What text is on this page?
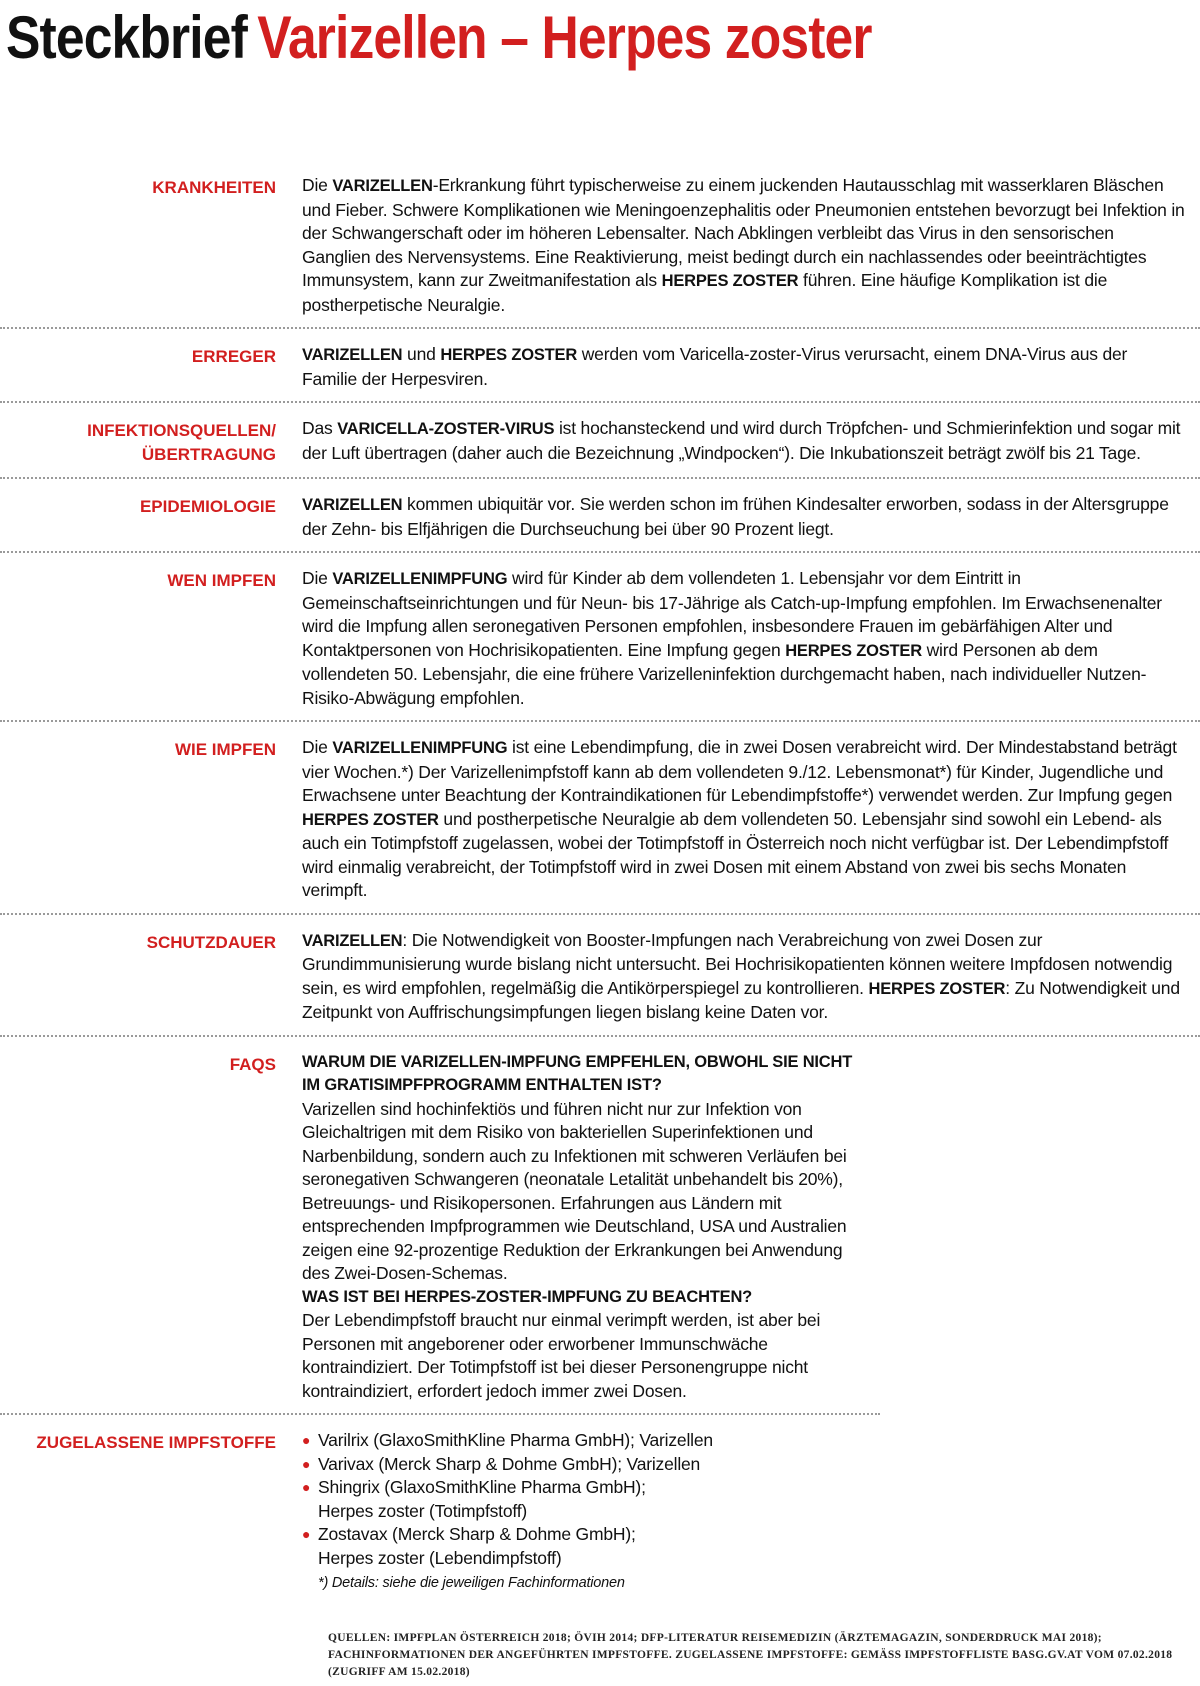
Steckbrief Varizellen – Herpes zoster
KRANKHEITEN	Die VARIZELLEN-Erkrankung führt typischerweise zu einem juckenden Hautausschlag mit wasserklaren Bläschen und Fieber. Schwere Komplikationen wie Meningoenzephalitis oder Pneumonien entstehen bevorzugt bei Infektion in der Schwangerschaft oder im höheren Lebensalter. Nach Abklingen verbleibt das Virus in den sensorischen Ganglien des Nervensystems. Eine Reaktivierung, meist bedingt durch ein nachlassendes oder beeinträchtigtes Immunsystem, kann zur Zweitmanifestation als HERPES ZOSTER führen. Eine häufige Komplikation ist die postherpetische Neuralgie.

ERREGER	VARIZELLEN und HERPES ZOSTER werden vom Varicella-zoster-Virus verursacht, einem DNA-Virus aus der Familie der Herpesviren.

INFEKTIONSQUELLEN/
ÜBERTRAGUNG

Das VARICELLA-ZOSTER-VIRUS ist hochansteckend und wird durch Tröpfchen- und Schmierinfektion und sogar mit der Luft übertragen (daher auch die Bezeichnung „Windpocken“). Die Inkubationszeit beträgt zwölf bis 21 Tage.

EPIDEMIOLOGIE	VARIZELLEN kommen ubiquitär vor. Sie werden schon im frühen Kindesalter erworben, sodass in der Altersgruppe der Zehn- bis Elfjährigen die Durchseuchung bei über 90 Prozent liegt.

WEN IMPFEN	Die VARIZELLENIMPFUNG wird für Kinder ab dem vollendeten 1. Lebensjahr vor dem Eintritt in Gemeinschaftseinrichtungen und für Neun- bis 17-Jährige als Catch-up-Impfung empfohlen. Im Erwachsenenalter wird die Impfung allen seronegativen Personen empfohlen, insbesondere Frauen im gebärfähigen Alter und Kontaktpersonen von Hochrisikopatienten. Eine Impfung gegen HERPES ZOSTER wird Personen ab dem vollendeten 50. Lebensjahr, die eine frühere Varizelleninfektion durchgemacht haben, nach individueller Nutzen-Risiko-Abwägung empfohlen.

WIE IMPFEN	Die VARIZELLENIMPFUNG ist eine Lebendimpfung, die in zwei Dosen verabreicht wird. Der Mindestabstand beträgt vier Wochen.*) Der Varizellenimpfstoff kann ab dem vollendeten 9./12. Lebensmonat*) für Kinder, Jugendliche und Erwachsene unter Beachtung der Kontraindikationen für Lebendimpfstoffe*) verwendet werden. Zur Impfung gegen HERPES ZOSTER und postherpetische Neuralgie ab dem vollendeten 50. Lebensjahr sind sowohl ein Lebend- als auch ein Totimpfstoff zugelassen, wobei der Totimpfstoff in Österreich noch nicht verfügbar ist. Der Lebendimpfstoff wird einmalig verabreicht, der Totimpfstoff wird in zwei Dosen mit einem Abstand von zwei bis sechs Monaten verimpft.

SCHUTZDAUER	VARIZELLEN: Die Notwendigkeit von Booster-Impfungen nach Verabreichung von zwei Dosen zur Grundimmunisierung wurde bislang nicht untersucht. Bei Hochrisikopatienten können weitere Impfdosen notwendig sein, es wird empfohlen, regelmäßig die Antikörperspiegel zu kontrollieren. HERPES ZOSTER: Zu Notwendigkeit und Zeitpunkt von Auffrischungsimpfungen liegen bislang keine Daten vor.

FAQS	WARUM DIE VARIZELLEN-IMPFUNG EMPFEHLEN, OBWOHL SIE NICHT IM GRATISIMPFPROGRAMM ENTHALTEN IST?

Varizellen sind hochinfektiös und führen nicht nur zur Infektion von Gleichaltrigen mit dem Risiko von bakteriellen Superinfektionen und Narbenbildung, sondern auch zu Infektionen mit schweren Verläufen bei seronegativen Schwangeren (neonatale Letalität unbehandelt bis 20%), Betreuungs- und Risikopersonen. Erfahrungen aus Ländern mit entsprechenden Impfprogrammen wie Deutschland, USA und Australien zeigen eine 92-prozentige Reduktion der Erkrankungen bei Anwendung des Zwei-Dosen-Schemas.

WAS IST BEI HERPES-ZOSTER-IMPFUNG ZU BEACHTEN?

Der Lebendimpfstoff braucht nur einmal verimpft werden, ist aber bei Personen mit angeborener oder erworbener Immunschwäche kontraindiziert. Der Totimpfstoff ist bei dieser Personengruppe nicht kontraindiziert, erfordert jedoch immer zwei Dosen.

ZUGELASSENE IMPFSTOFFE
●	Varilrix (GlaxoSmithKline Pharma GmbH); Varizellen
● Varivax (Merck Sharp & Dohme GmbH); Varizellen
● Shingrix (GlaxoSmithKline Pharma GmbH);
Herpes zoster (Totimpfstoff)
● Zostavax (Merck Sharp & Dohme GmbH);
Herpes zoster (Lebendimpfstoff)
*) Details: siehe die jeweiligen Fachinformationen
QUELLEN: IMPFPLAN ÖSTERREICH 2018; ÖVIH 2014; DFP-LITERATUR REISEMEDIZIN (ÄRZTEMAGAZIN, SONDERDRUCK MAI 2018); FACHINFORMATIONEN DER ANGEFÜHRTEN IMPFSTOFFE. ZUGELASSENE IMPFSTOFFE: GEMÄSS IMPFSTOFFLISTE BASG.GV.AT VOM 07.02.2018 (ZUGRIFF AM 15.02.2018)
